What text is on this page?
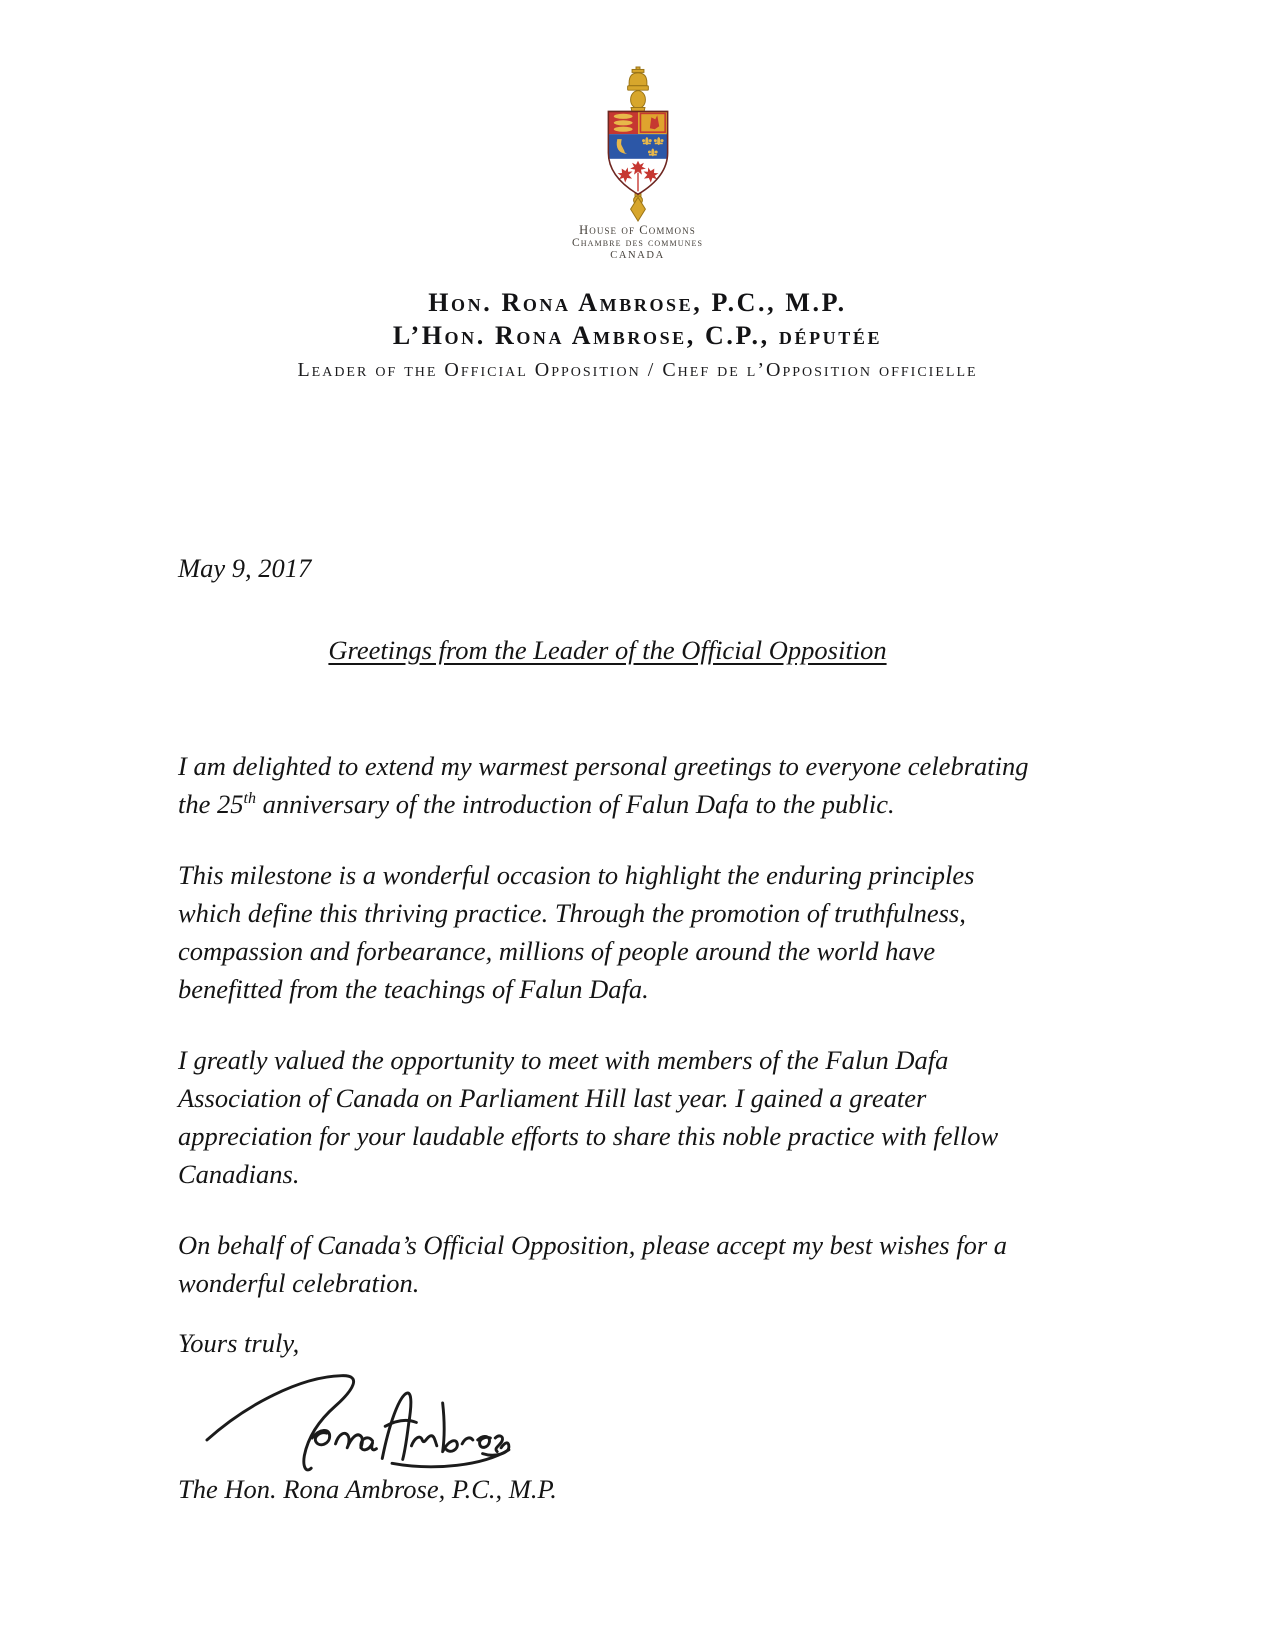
House of Commons
Chambre des communes
CANADA
Hon. Rona Ambrose, P.C., M.P.
L’Hon. Rona Ambrose, C.P., députée
Leader of the Official Opposition / Chef de l’Opposition officielle
May 9, 2017
Greetings from the Leader of the Official Opposition

I am delighted to extend my warmest personal greetings to everyone celebrating the 25th anniversary of the introduction of Falun Dafa to the public.

This milestone is a wonderful occasion to highlight the enduring principles which define this thriving practice. Through the promotion of truthfulness, compassion and forbearance, millions of people around the world have benefitted from the teachings of Falun Dafa.

I greatly valued the opportunity to meet with members of the Falun Dafa Association of Canada on Parliament Hill last year. I gained a greater appreciation for your laudable efforts to share this noble practice with fellow Canadians.

On behalf of Canada’s Official Opposition, please accept my best wishes for a wonderful celebration.

Yours truly,
The Hon. Rona Ambrose, P.C., M.P.
